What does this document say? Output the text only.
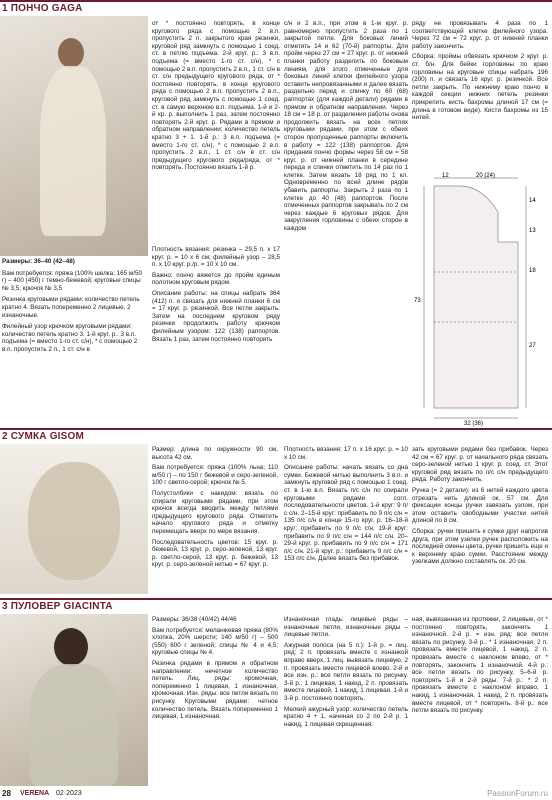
1 ПОНЧО GAGA

Размеры: 36–40 (42–48)

Вам потребуется: пряжа (100% шелка; 165 м/50 г) – 400 (450) г темно-бежевой; круговые спицы № 3,5; крючок № 3,5

Резинка круговыми рядами: количество петель кратно 4. Вязать попеременно 2 лицевые, 2 изнаночные.

Филейный узор крючком круговыми рядами: количество петель кратно 3. 1-й круг. р.: 3 в.п. подъема (= вместо 1-го ст. с/н), * с помощью 2 в.п. пропустить 2 п., 1 ст. с/н в

от * постоянно повторять, в конце кругового ряда с помощью 2 в.п. пропустить 2 п. закрытого края резинки, круговой ряд замкнуть с помощью 1 соед. ст. в петлю подъема. 2-й круг. р.: 3 в.п. подъема (= вместо 1-го ст. с/н), * с помощью 2 в.п. пропустить 2 в.п., 1 ст. с/н в ст. с/н предыдущего кругового ряда, от * постоянно повторять, в конце кругового ряда с помощью 2 в.п. пропустить 2 в.п., круговой ряд замкнуть с помощью 1 соед. ст. в самую верхнюю в.п. подъема. 1-й и 2-й кр. р. выполнить 1 раз, затем постоянно повторять 2-й круг. р. Рядами в прямом и обратном направлении: количество петель кратно 3 + 1. 1-й р.: 3 в.п. подъема (= вместо 1-го ст. с/н), * с помощью 2 в.п. пропустить 2 в.п., 1 ст. с/н в ст. с/н предыдущего кругового ряда/ряда, от * повторять. Постоянно вязать 1-й р.

Плотность вязания: резинка – 29,5 п. х 17 круг. р. = 10 х 6 см; филейный узор – 28,5 п. х 10 круг. р./р. = 10 х 10 см.

Важно: пончо вяжется до пройм единым полотном круговым рядом.

Описание работы: на спицы набрать 364 (412) п. и связать для нижней планки 6 см = 17 круг. р. резинкой. Все петли закрыть. Затем на последнем круговом ряду резинки продолжить работу крючком филейным узором: 122 (138) раппортов. Вязать 1 раз, затем постоянно повторять

с/н и 2 в.п., при этом в 1-м круг. р. равномерно пропустить 2 раза по 1 закрытой петле. Для боковых линий отметить 14 и 62 (70-й) раппорты. Для пройм через 27 см = 27 круг. р. от нижней планки работу разделить по боковым линиям, для этого отмеченные для боковых линий клетки филейного узора оставить непровязанными и далее вязать раздельно перед и спинку по 60 (68) раппортах (для каждой детали) рядами в прямом и обратном направлении. Через 18 см = 18 р. от разделения работы снова продолжить вязать на всех петлях круговыми рядами, при этом с обеих сторон пропущенные раппорты включить в работу = 122 (138) раппортов. Для придания пончо формы через 58 см = 58 круг. р. от нижней планки в середине переда и спинки отметить по 14 раз по 1 клетке. Затем вязать 18 ряд по 1 кл. Одновременно по всей длине рядов убавить раппорты. Закрыть 2 раза по 1 клетке до 40 (48) раппортов. После отмеченных раппортов закрывать по 2 см через каждые 6 круговых рядов. Для закругления горловины с обеих сторон в каждом

ряду не провязывать 4 раза по 1 соответствующей клетке филейного узора. Через 72 см = 72 круг. р. от нижней планки работу закончить.

Сборка: проймы обвязать крючком 2 круг. р. ст. б/н. Для бейки горловины по краю горловины на круговые спицы набрать 196 (200) п. и связать 16 круг. р. резинкой. Все петли закрыть. По нижнему краю пончо в каждой секции нижних петель резинки прикрепить кисть бахромы длиной 17 см (= длина в готовом виде). Кисти бахромы из 15 нитей.

12	20 (24)
14
13
18
73
27
32 (36)
2 СУМКА GISOM

Размер: длина по окружности 90 см, высота 42 см.

Вам потребуется: пряжа (100% льна; 110 м/50 г) – по 150 г бежевой и серо-зеленой, 100 г светло-серой; крючок № 5.

Полустолбики с накидом: вязать по спирали круговыми рядами, при этом крючок всегда вводить между петлями предыдущего кругового ряда. Отметить начало кругового ряда и отметку перемещать вверх по мере вязания.

Последовательность цветов: 15 круг. р. бежевой, 13 круг. р. серо-зеленой, 13 круг. р. светло-серой, 13 круг. р. бежевой, 13 круг. р. серо-зеленой нитью = 67 круг. р.

Плотность вязания: 17 п. х 16 круг. р. = 10 х 10 см.

Описание работы: начать вязать со дна сумки. Бежевой нитью выполнить 3 в.п. и замкнуть круговой ряд с помощью 1 соед. ст. в 1-ю в.п. Вязать п/с с/н по спирали круговыми рядами согл. последовательности цветов. 1-й круг: 9 п/с с/н. 2–15-й круг: прибавить по 9 п/с с/н = 135 п/с с/н в конце 15-го круг. р. 16–18-й круг: прибавить по 9 п/с с/н. 19-й круг: прибавить по 9 п/с с/н = 144 п/с с/н. 20–29-й круг. р. прибавить по 9 п/с с/н = 171 п/с с/н. 21-й круг. р.: прибавить 9 п/с с/н = 153 п/с с/н. Далее вязать без прибавок.

зать круговыми рядами без прибавок. Через 42 см = 67 круг. р. от начального ряда связать серо-зеленой нитью 1 круг. р. соед. ст. Этот круговой ряд вязать по п/с с/н предыдущего ряда. Работу закончить.

Ручка (= 2 детали): из 6 нитей каждого цвета отрезать нить длиной ок. 57 см. Для фиксации концы ручки завязать узлом, при этом оставить свободными участки нитей длиной по 8 см.

Сборка: ручки пришить к сумке друг напротив друга, при этом узелки ручек расположить на последней смены цвета, ручки пришить еще и к верхнему краю сумки. Расстояние между узелками должно составлять ок. 20 см.

3 ПУЛОВЕР GIACINTA

Размеры: 36/38 (40/42) 44/46

Вам потребуется: меланжевая пряжа (80% хлопка, 20% шерсти; 140 м/50 г) – 500 (550) 600 г зеленой; спицы № 4 и 4,5; круговые спицы № 4.

Резинка рядами в прямом и обратном направлении: нечетное количество петель. Лиц. ряды: кромочная, попеременно 1 лицевая, 1 изнаночная, кромочная. Изн. ряды: все петли вязать по рисунку. Круговыми рядами: четное количество петель. Вязать попеременно 1 лицевая, 1 изнаночная.

Изнаночная гладь: лицевые ряды – изнаночные петли, изнаночные ряды – лицевые петли.

Ажурная полоса (на 5 п.): 1-й р. = лиц. ряд: 2 п. провязать вместе с изнанкой вправо вверх, 1 лиц. вывязать лицевую, 2 п. провязать вместе лицевой влево. 2-й и все изн. р.: все петли вязать по рисунку. 3-й р.: 1 лицевая, 1 накид, 2 п. провязать вместе лицевой, 1 накид, 1 лицевая. 1-й и 3-й р. постоянно повторять.

Мелкий ажурный узор: количество петель кратно 4 + 1, начиная со 2 по 2-й р. 1 накид, 1 лицевая скрещенная.

ная, вывязанная из протяжки, 2 лицевые, от * постоянно повторять, закончить 1 изнаночной. 2-й р. = изн. ряд: все петли вязать по рисунку. 3-й р.: * 1 изнаночная, 2 п. провязать вместе лицевой, 1 накид, 2 п. провязать вместе с наклоном влево, от * повторять, закончить 1 изнаночной. 4-й р.: все петли вязать по рисунку, 5–6-й р. повторять 1-й и 2-й ряды. 7-й р.: * 2 п. провязать вместе с наклоном вправо, 1 накид, 1 изнаночная, 1 накид, 2 п. провязать вместе лицевой, от * повторять. 8-й р.: все петли вязать по рисунку.

28 VERENA 02·2023	PassionForum.ru
